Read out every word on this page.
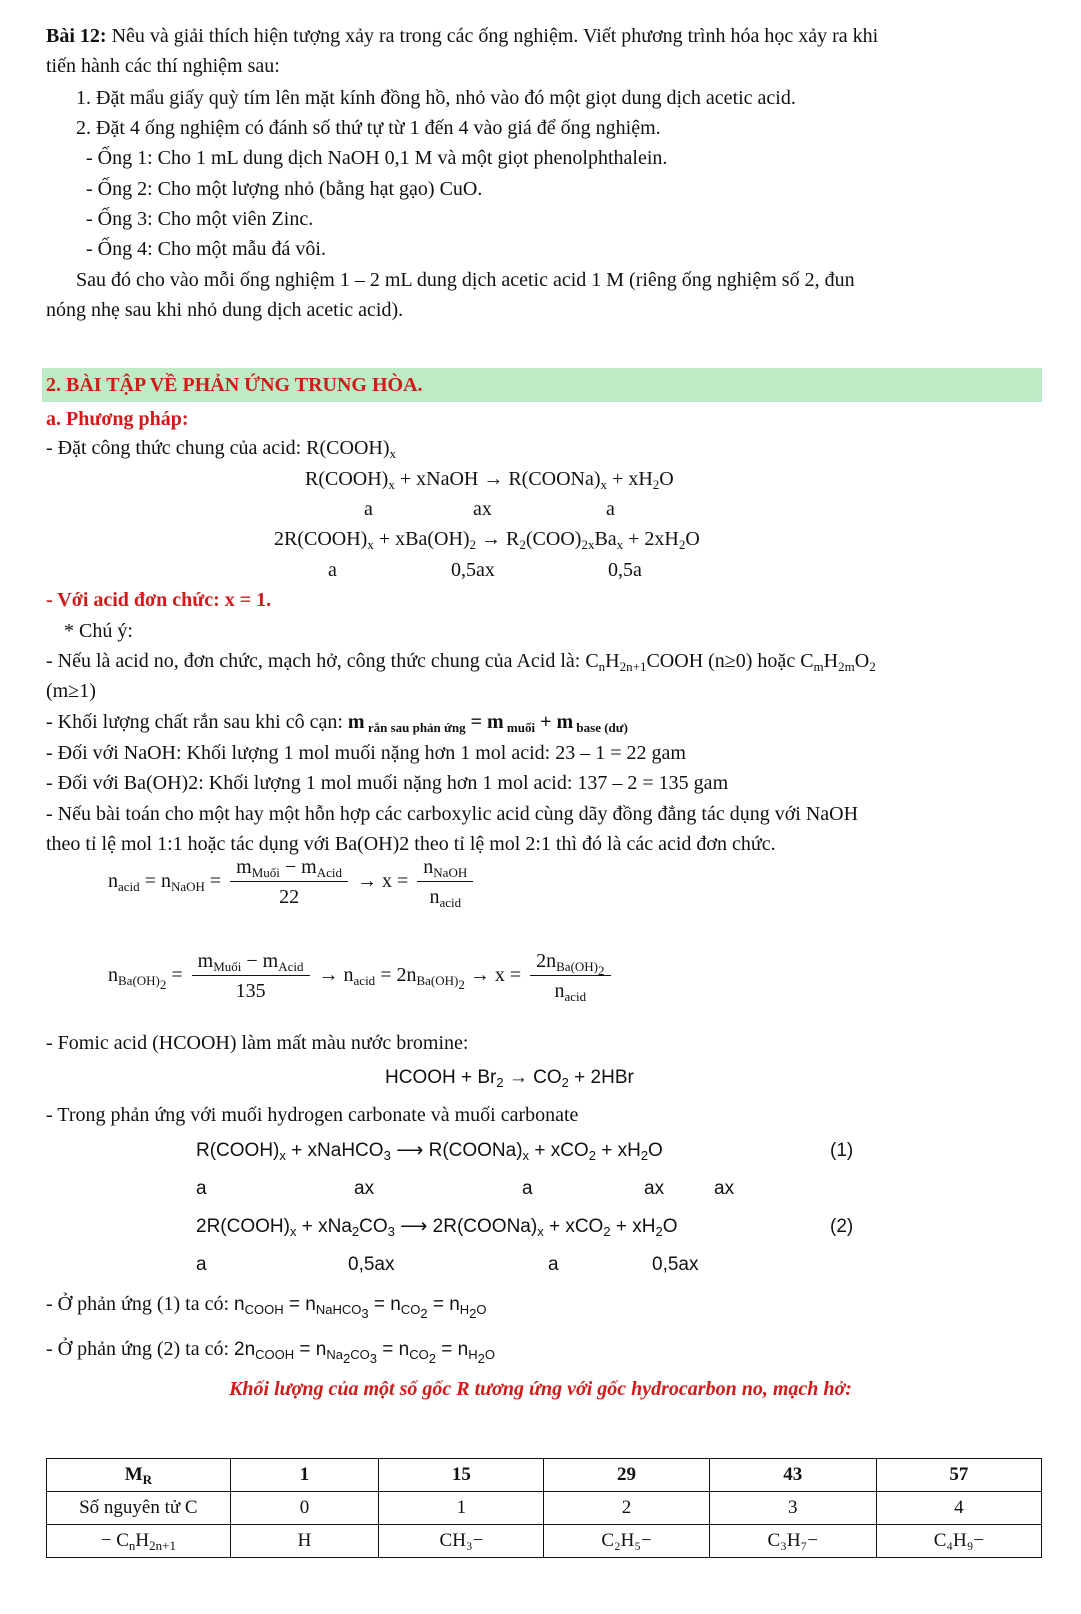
Bài 12: Nêu và giải thích hiện tượng xảy ra trong các ống nghiệm. Viết phương trình hóa học xảy ra khi
tiến hành các thí nghiệm sau:
1. Đặt mẩu giấy quỳ tím lên mặt kính đồng hồ, nhỏ vào đó một giọt dung dịch acetic acid.
2. Đặt 4 ống nghiệm có đánh số thứ tự từ 1 đến 4 vào giá để ống nghiệm.
- Ống 1: Cho 1 mL dung dịch NaOH 0,1 M và một giọt phenolphthalein.
- Ống 2: Cho một lượng nhỏ (bằng hạt gạo) CuO.
- Ống 3: Cho một viên Zinc.
- Ống 4: Cho một mẫu đá vôi.
Sau đó cho vào mỗi ống nghiệm 1 – 2 mL dung dịch acetic acid 1 M (riêng ống nghiệm số 2, đun
nóng nhẹ sau khi nhỏ dung dịch acetic acid).
2. BÀI TẬP VỀ PHẢN ỨNG TRUNG HÒA.
a. Phương pháp:
- Đặt công thức chung của acid: $R(COOH)_x$
$R(COOH)_x$ + xNaOH → $R(COONa)_x + xH_2O$
a	ax	a
$2R(COOH)_x + xBa(OH)_2 \to R_2(COO)_{2x}Ba_x + 2xH_2O$
a	0,5ax	0,5a
- Với acid đơn chức: x = 1.
* Chú ý:
- Nếu là acid no, đơn chức, mạch hở, công thức chung của Acid là: $C_nH_{2n+1}COOH$ (n≥0) hoặc $C_mH_{2m}O_2$
(m≥1)
- Khối lượng chất rắn sau khi cô cạn: m $_{rắn sau phản ứng}$ = m $_{muối}$ + m $_{base (dư)}$
- Đối với NaOH: Khối lượng 1 mol muối nặng hơn 1 mol acid: 23 – 1 = 22 gam
- Đối với Ba(OH)2: Khối lượng 1 mol muối nặng hơn 1 mol acid: 137 – 2 = 135 gam
- Nếu bài toán cho một hay một hỗn hợp các carboxylic acid cùng dãy đồng đẳng tác dụng với NaOH
theo tỉ lệ mol 1:1 hoặc tác dụng với Ba(OH)2 theo tỉ lệ mol 2:1 thì đó là các acid đơn chức.
$n_{acid} = n_{NaOH} = \frac{m_{Muối} - m_{Acid}}{22} \to x = \frac{n_{NaOH}}{n_{acid}}$
$n_{Ba(OH)_2} = \frac{m_{Muối} - m_{Acid}}{135} \to n_{acid} = 2n_{Ba(OH)_2} \to x = \frac{2n_{Ba(OH)_2}}{n_{acid}}$
- Fomic acid (HCOOH) làm mất màu nước bromine:
HCOOH + $Br_2 \to CO_2 + 2HBr$
- Trong phản ứng với muối hydrogen carbonate và muối carbonate
$R(COOH)_x$ + xNaHCO$_3$ ⟶ $R(COONa)_x + xCO_2 + xH_2O$	(1)
a	ax	a	ax	ax
$2R(COOH)_x + xNa_2CO_3$ ⟶ $2R(COONa)_x + xCO_2 + xH_2O$	(2)
a	0,5ax	a	0,5ax
- Ở phản ứng (1) ta có: $n_{COOH} = n_{NaHCO_3} = n_{CO_2} = n_{H_2O}$
- Ở phản ứng (2) ta có: $2n_{COOH} = n_{Na_2CO_3} = n_{CO_2} = n_{H_2O}$
Khối lượng của một số gốc R tương ứng với gốc hydrocarbon no, mạch hở:
$M_R$	1	15	29	43	57
Số nguyên tử C	0	1	2	3	4
− $C_nH_{2n+1}$	H	CH₃−	C₂H₅−	C₃H₇−	C₄H₉−
